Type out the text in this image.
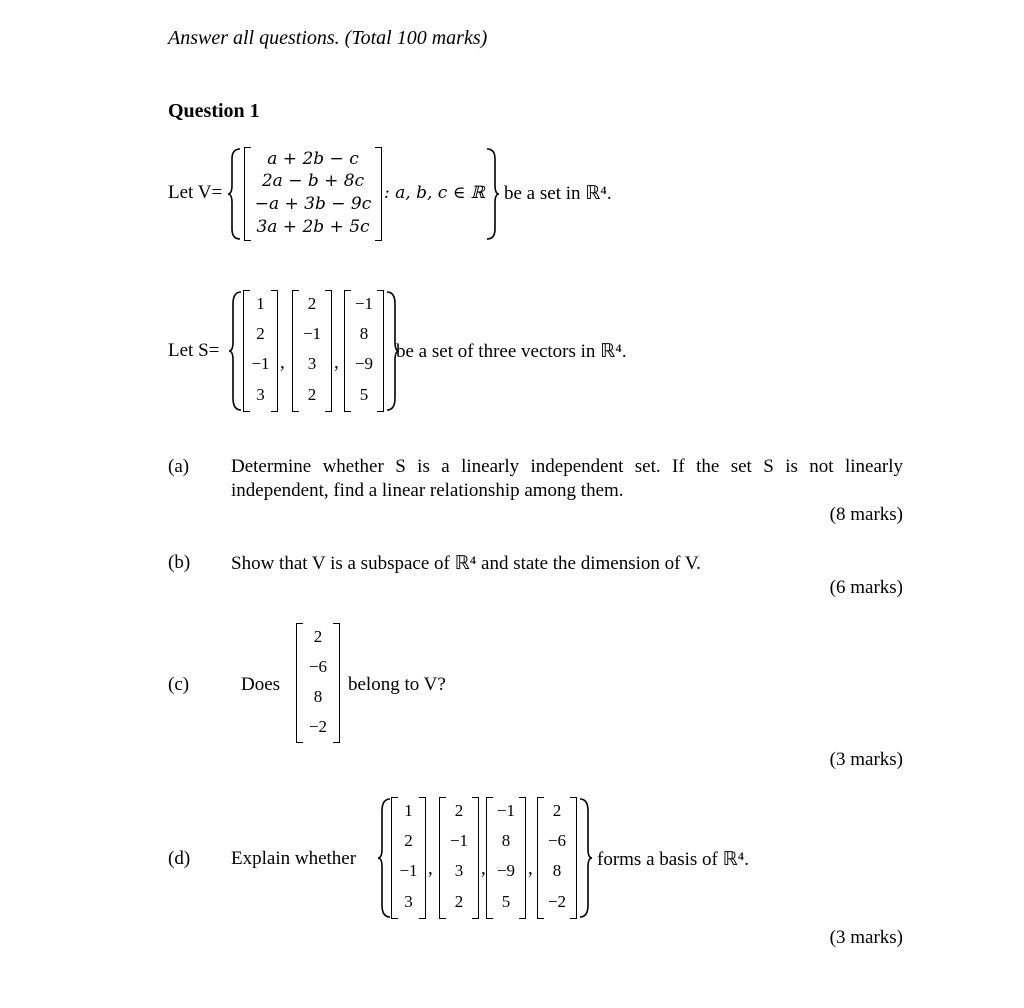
Answer all questions. (Total 100 marks)
Question 1
Let V=
a + 2b − c
2a − b + 8c
−a + 3b − 9c
3a + 2b + 5c
: a, b, c ∈ ℝ be a set in ℝ⁴.
Let S=
1
2
−1
3
,
2
−1
3
2
,
−1
8
−9
5
be a set of three vectors in ℝ⁴.
(a) Determine whether S is a linearly independent set. If the set S is not linearly
independent, find a linear relationship among them.
(8 marks)
(b) Show that V is a subspace of ℝ⁴ and state the dimension of V.
(6 marks)
(c)	Does
2
−6
8
−2
belong to V?
(3 marks)
(d) Explain whether
1
2
−1
3
,
2
−1
3
2
,
−1
8
−9
5
,
2
−6
8
−2
forms a basis of ℝ⁴.
(3 marks)
